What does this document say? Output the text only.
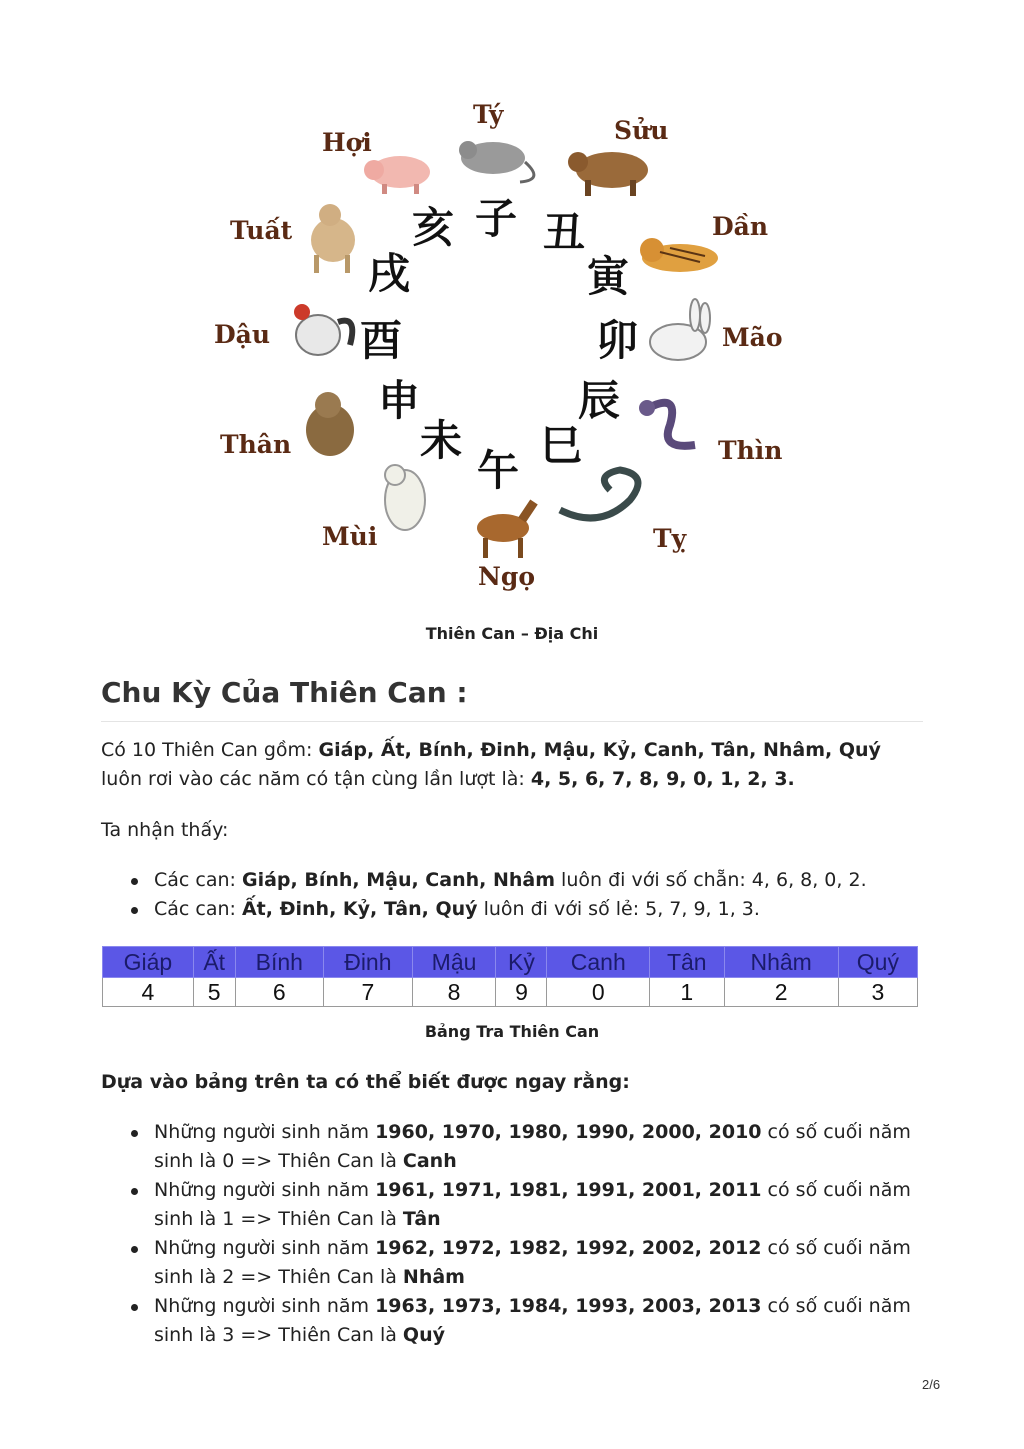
Tý
Sửu
Dần
Mão
Thìn
Tỵ
Ngọ
Mùi
Thân
Dậu
Tuất
Hợi
子 丑
寅
卯
辰
巳
午
未
申
酉
戌
亥
Thiên Can – Địa Chi
Chu Kỳ Của Thiên Can :

Có 10 Thiên Can gồm: Giáp, Ất, Bính, Đinh, Mậu, Kỷ, Canh, Tân, Nhâm, Quý luôn rơi vào các năm có tận cùng lần lượt là: 4, 5, 6, 7, 8, 9, 0, 1, 2, 3.

Ta nhận thấy:

Các can: Giáp, Bính, Mậu, Canh, Nhâm luôn đi với số chẵn: 4, 6, 8, 0, 2.
Các can: Ất, Đinh, Kỷ, Tân, Quý luôn đi với số lẻ: 5, 7, 9, 1, 3.
Giáp	Ất	Bính	Đinh	Mậu	Kỷ	Canh	Tân	Nhâm	Quý
4	5	6	7	8	9	0	1	2	3
Bảng Tra Thiên Can

Dựa vào bảng trên ta có thể biết được ngay rằng:

Những người sinh năm 1960, 1970, 1980, 1990, 2000, 2010 có số cuối năm sinh là 0 => Thiên Can là Canh
Những người sinh năm 1961, 1971, 1981, 1991, 2001, 2011 có số cuối năm sinh là 1 => Thiên Can là Tân
Những người sinh năm 1962, 1972, 1982, 1992, 2002, 2012 có số cuối năm sinh là 2 => Thiên Can là Nhâm
Những người sinh năm 1963, 1973, 1984, 1993, 2003, 2013 có số cuối năm sinh là 3 => Thiên Can là Quý
2/6
